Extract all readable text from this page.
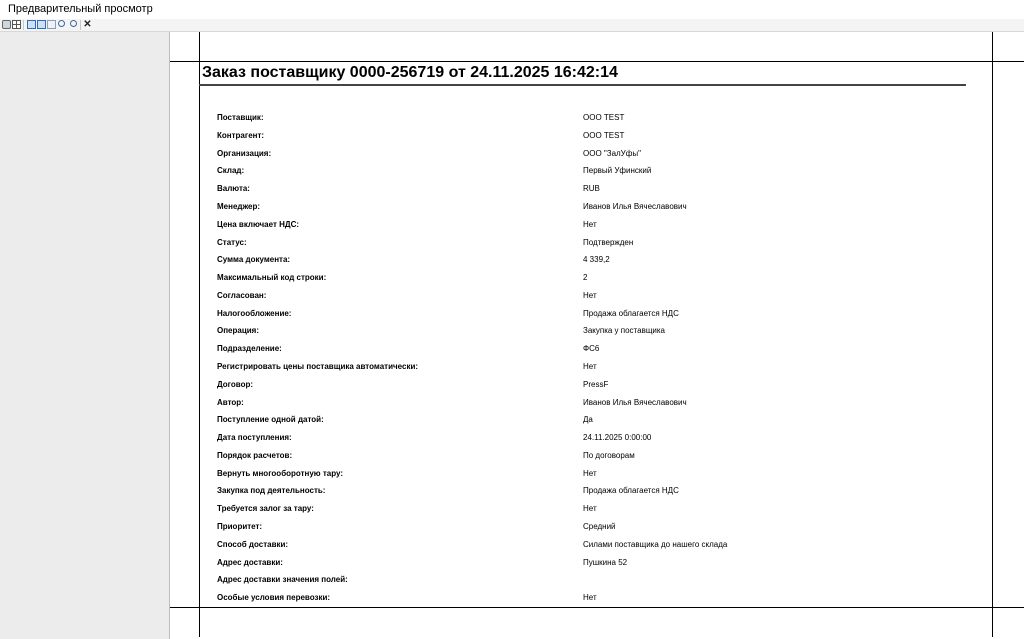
Предварительный просмотр
✕
Заказ поставщику 0000-256719 от 24.11.2025 16:42:14
Поставщик:	ООО TEST
Контрагент:	ООО TEST
Организация:	ООО "ЗалУфы"
Склад:	Первый Уфинский
Валюта:	RUB
Менеджер:	Иванов Илья Вячеславович
Цена включает НДС:	Нет
Статус:	Подтвержден
Сумма документа:	4 339,2
Максимальный код строки:	2
Согласован:	Нет
Налогообложение:	Продажа облагается НДС
Операция:	Закупка у поставщика
Подразделение:	ФС6
Регистрировать цены поставщика автоматически:	Нет
Договор:	PressF
Автор:	Иванов Илья Вячеславович
Поступление одной датой:	Да
Дата поступления:	24.11.2025 0:00:00
Порядок расчетов:	По договорам
Вернуть многооборотную тару:	Нет
Закупка под деятельность:	Продажа облагается НДС
Требуется залог за тару:	Нет
Приоритет:	Средний
Способ доставки:	Силами поставщика до нашего склада
Адрес доставки:	Пушкина 52
Адрес доставки значения полей:
Особые условия перевозки:	Нет
